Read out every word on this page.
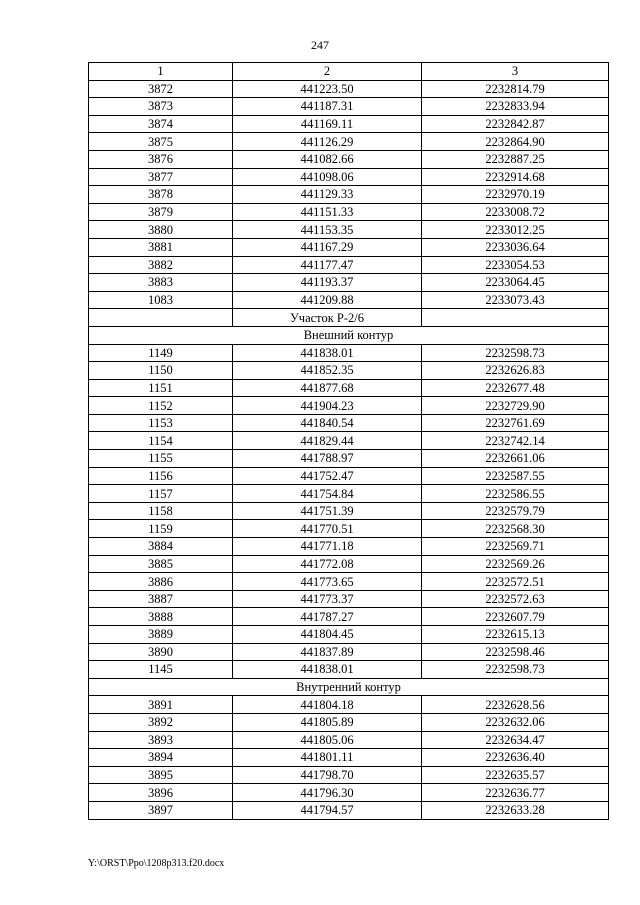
247
1	2	3
3872	441223.50	2232814.79
3873	441187.31	2232833.94
3874	441169.11	2232842.87
3875	441126.29	2232864.90
3876	441082.66	2232887.25
3877	441098.06	2232914.68
3878	441129.33	2232970.19
3879	441151.33	2233008.72
3880	441153.35	2233012.25
3881	441167.29	2233036.64
3882	441177.47	2233054.53
3883	441193.37	2233064.45
1083	441209.88	2233073.43
	Участок Р-2/6	
Внешний контур		
1149	441838.01	2232598.73
1150	441852.35	2232626.83
1151	441877.68	2232677.48
1152	441904.23	2232729.90
1153	441840.54	2232761.69
1154	441829.44	2232742.14
1155	441788.97	2232661.06
1156	441752.47	2232587.55
1157	441754.84	2232586.55
1158	441751.39	2232579.79
1159	441770.51	2232568.30
3884	441771.18	2232569.71
3885	441772.08	2232569.26
3886	441773.65	2232572.51
3887	441773.37	2232572.63
3888	441787.27	2232607.79
3889	441804.45	2232615.13
3890	441837.89	2232598.46
1145	441838.01	2232598.73
Внутренний контур		
3891	441804.18	2232628.56
3892	441805.89	2232632.06
3893	441805.06	2232634.47
3894	441801.11	2232636.40
3895	441798.70	2232635.57
3896	441796.30	2232636.77
3897	441794.57	2232633.28
Y:\ORST\Ppo\1208p313.f20.docx
